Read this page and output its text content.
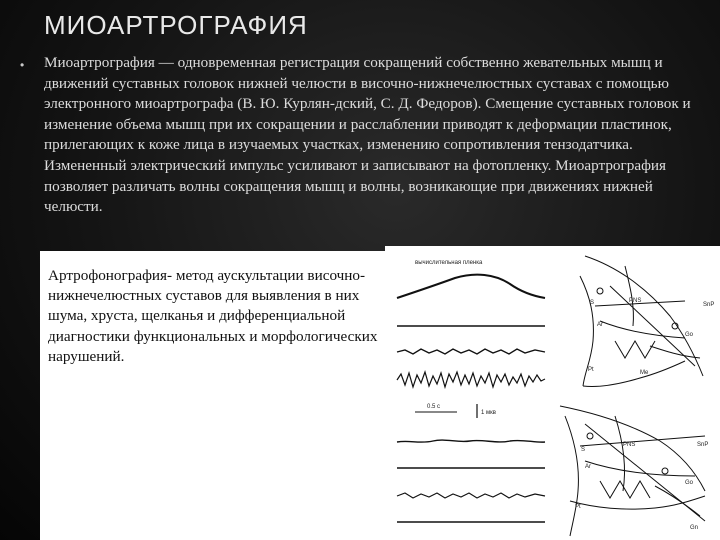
МИОАРТРОГРАФИЯ
• Миоартрография — одновременная регистрация сокращений собственно жевательных мышц и движений суставных головок нижней челюсти в височно-нижнечелюстных суставах с помощью электронного миоартрографа (В. Ю. Курлян-дский, С. Д. Федоров). Смещение суставных головок и изменение объема мышц при их сокращении и расслаблении приводят к деформации пластинок, прилегающих к коже лица в изучаемых участках, изменению сопротивления тензодатчика. Измененный электрический импульс усиливают и записывают на фотопленку. Миоартрография позволяет различать волны сокращения мышц и волны, возникающие при движениях нижней челюсти.
Артрофонография- метод аускультации височно-нижнечелюстных суставов для выявления в них шума, хруста, щелканья и дифференциальной диагностики функциональных и морфологических нарушений.
вычислительная пленка
0.5 с
1 мкв
S	PNS
SnP
Ar
Go
Pt	Me
S
PNS	SnP
Go
Ar
Pt
Gn
